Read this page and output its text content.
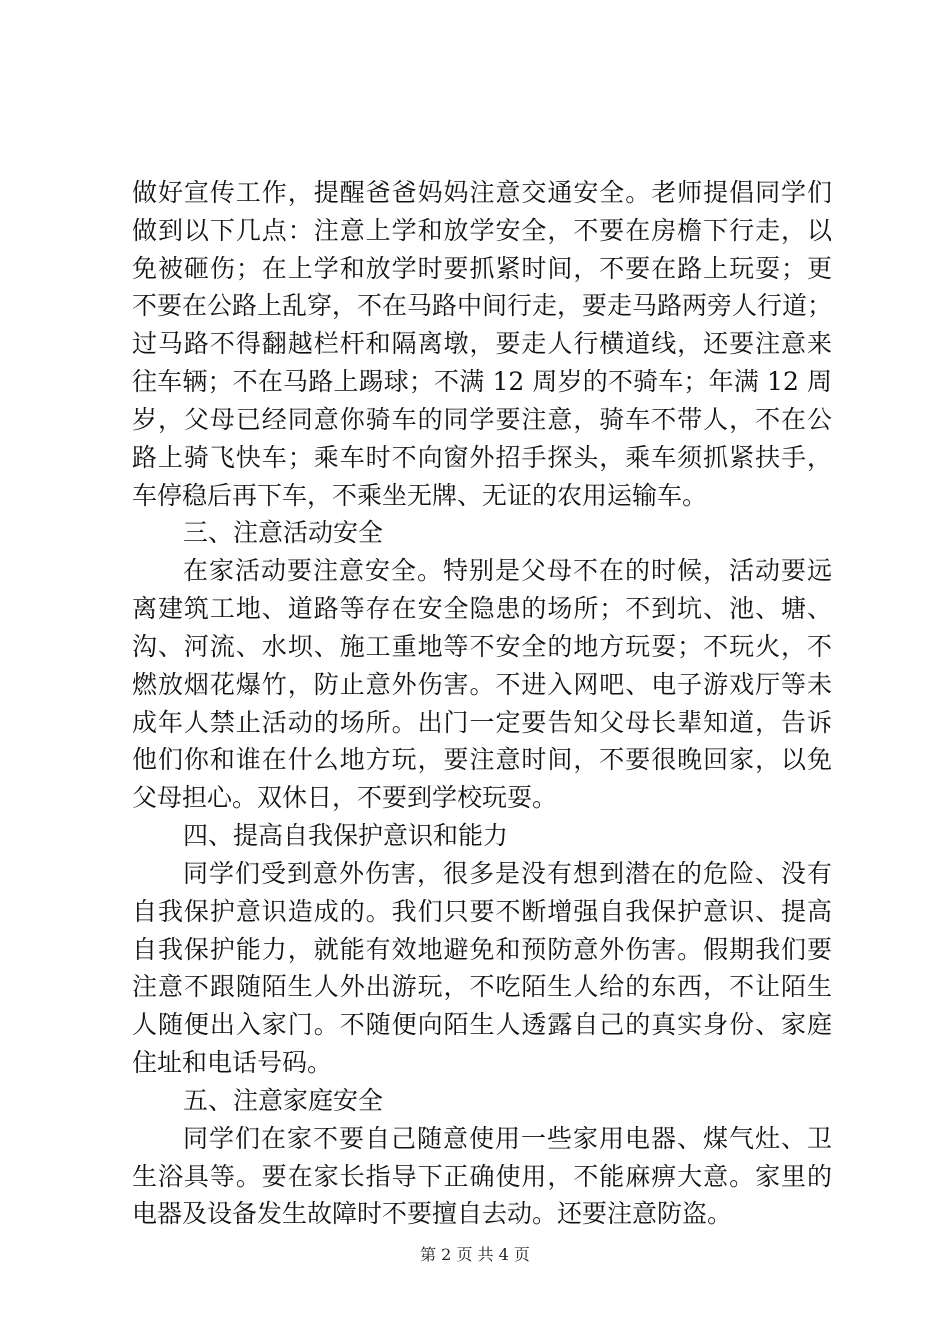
做好宣传工作，提醒爸爸妈妈注意交通安全。老师提倡同学们
做到以下几点：注意上学和放学安全，不要在房檐下行走，以
免被砸伤；在上学和放学时要抓紧时间，不要在路上玩耍；更
不要在公路上乱穿，不在马路中间行走，要走马路两旁人行道；
过马路不得翻越栏杆和隔离墩，要走人行横道线，还要注意来
往车辆；不在马路上踢球；不满 12 周岁的不骑车；年满 12 周
岁，父母已经同意你骑车的同学要注意，骑车不带人，不在公
路上骑飞快车；乘车时不向窗外招手探头，乘车须抓紧扶手，
车停稳后再下车，不乘坐无牌、无证的农用运输车。
三、注意活动安全
在家活动要注意安全。特别是父母不在的时候，活动要远
离建筑工地、道路等存在安全隐患的场所；不到坑、池、塘、
沟、河流、水坝、施工重地等不安全的地方玩耍；不玩火，不
燃放烟花爆竹，防止意外伤害。不进入网吧、电子游戏厅等未
成年人禁止活动的场所。出门一定要告知父母长辈知道，告诉
他们你和谁在什么地方玩，要注意时间，不要很晚回家，以免
父母担心。双休日，不要到学校玩耍。
四、提高自我保护意识和能力
同学们受到意外伤害，很多是没有想到潜在的危险、没有
自我保护意识造成的。我们只要不断增强自我保护意识、提高
自我保护能力，就能有效地避免和预防意外伤害。假期我们要
注意不跟随陌生人外出游玩，不吃陌生人给的东西，不让陌生
人随便出入家门。不随便向陌生人透露自己的真实身份、家庭
住址和电话号码。
五、注意家庭安全
同学们在家不要自己随意使用一些家用电器、煤气灶、卫
生浴具等。要在家长指导下正确使用，不能麻痹大意。家里的
电器及设备发生故障时不要擅自去动。还要注意防盗。
第 2 页 共 4 页
